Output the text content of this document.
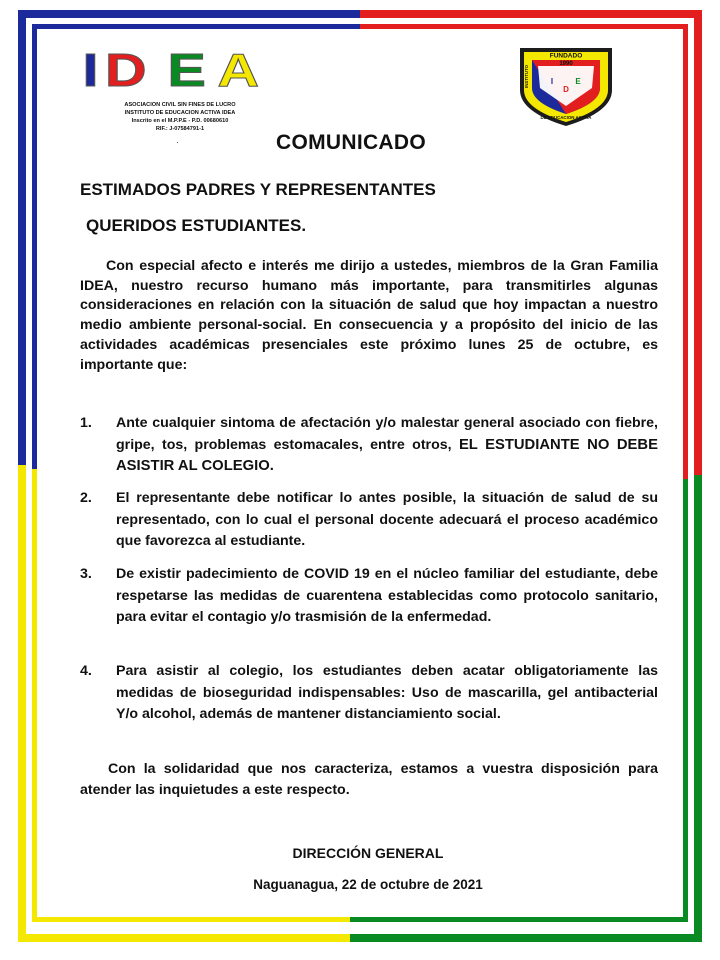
I D E A
ASOCIACION CIVIL SIN FINES DE LUCRO
INSTITUTO DE EDUCACION ACTIVA IDEA
Inscrito en el M.P.P.E - P.D. 00680610
RIF.: J-07584791-1
·
FUNDADO
1990
I
D
E
INSTITUTO
DE EDUCACION ACTIVA
COMUNICADO
ESTIMADOS PADRES Y REPRESENTANTES
QUERIDOS ESTUDIANTES.
Con especial afecto e interés me dirijo a ustedes, miembros de la Gran Familia IDEA, nuestro recurso humano más importante, para transmitirles algunas consideraciones en relación con la situación de salud que hoy impactan a nuestro medio ambiente personal-social. En consecuencia y a propósito del inicio de las actividades académicas presenciales este próximo lunes 25 de octubre, es importante que:
1.	Ante cualquier sintoma de afectación y/o malestar general asociado con fiebre, gripe, tos, problemas estomacales, entre otros, EL ESTUDIANTE NO DEBE ASISTIR AL COLEGIO.
2.	El representante debe notificar lo antes posible, la situación de salud de su representado, con lo cual el personal docente adecuará el proceso académico que favorezca al estudiante.
3.	De existir padecimiento de COVID 19 en el núcleo familiar del estudiante, debe respetarse las medidas de cuarentena establecidas como protocolo sanitario, para evitar el contagio y/o trasmisión de la enfermedad.
4.	Para asistir al colegio, los estudiantes deben acatar obligatoriamente las medidas de bioseguridad indispensables: Uso de mascarilla, gel antibacterial Y/o alcohol, además de mantener distanciamiento social.
Con la solidaridad que nos caracteriza, estamos a vuestra disposición para atender las inquietudes a este respecto.
DIRECCIÓN GENERAL
Naguanagua, 22 de octubre de 2021
